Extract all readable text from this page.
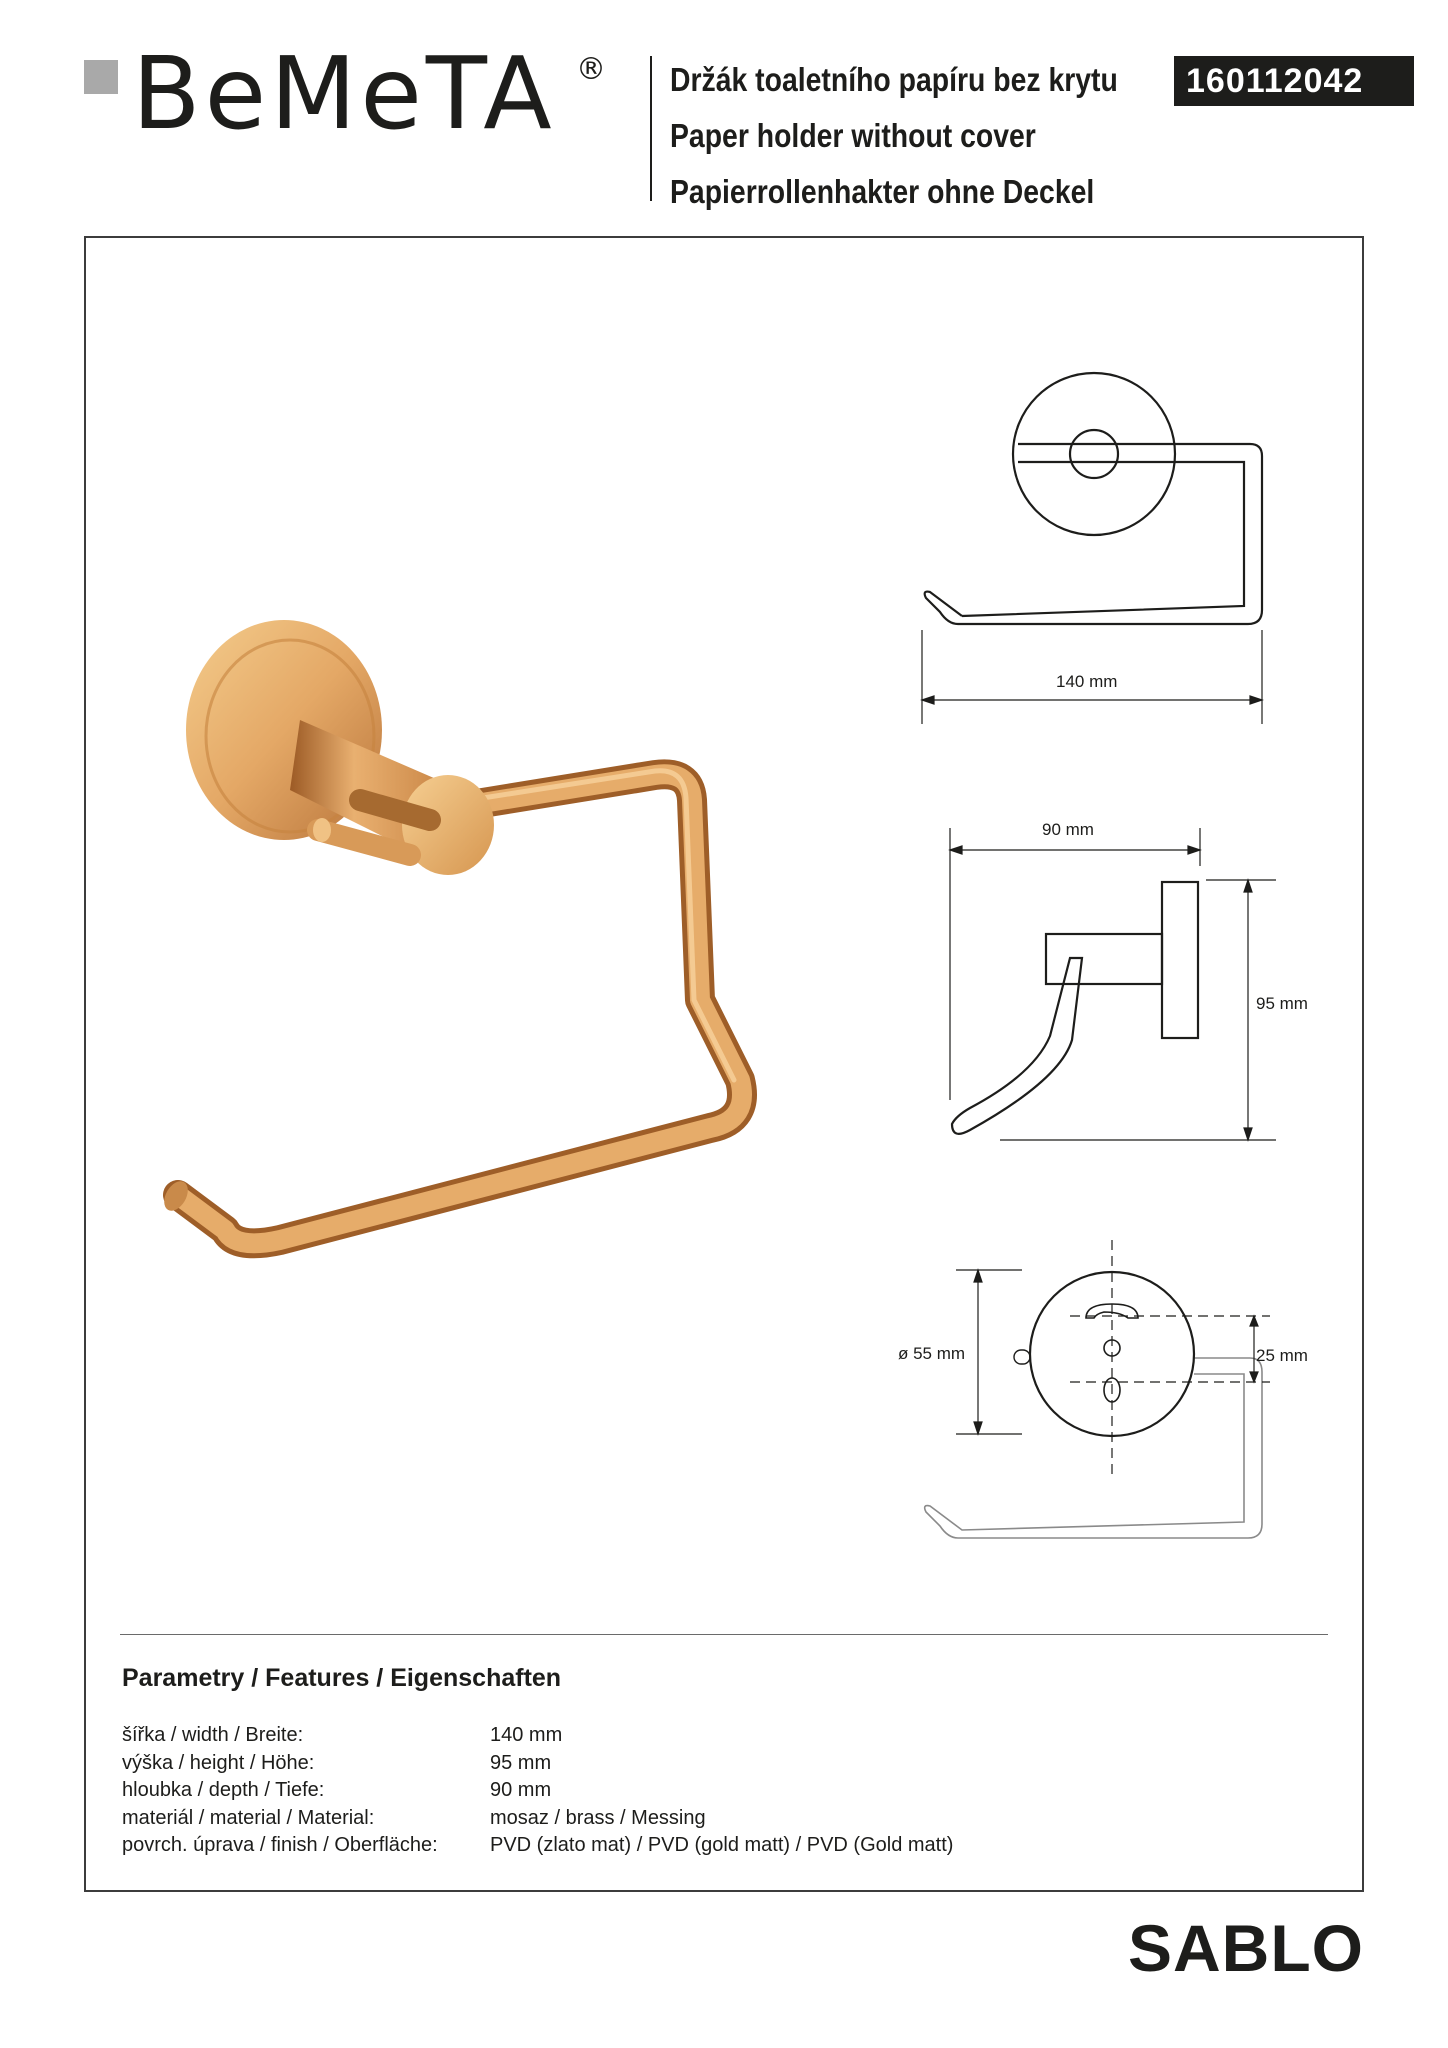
BeMeTA ® Držák toaletního papíru bez krytu
Paper holder without cover
Papierrollenhakter ohne Deckel
160112042
140 mm
90 mm
95 mm
ø 55 mm	25 mm
Parametry / Features / Eigenschaften
šířka / width / Breite:	140 mm
výška / height / Höhe:	95 mm
hloubka / depth / Tiefe:	90 mm
materiál / material / Material:	mosaz / brass / Messing
povrch. úprava / finish / Oberfläche:	PVD (zlato mat) / PVD (gold matt) / PVD (Gold matt)
SABLO
